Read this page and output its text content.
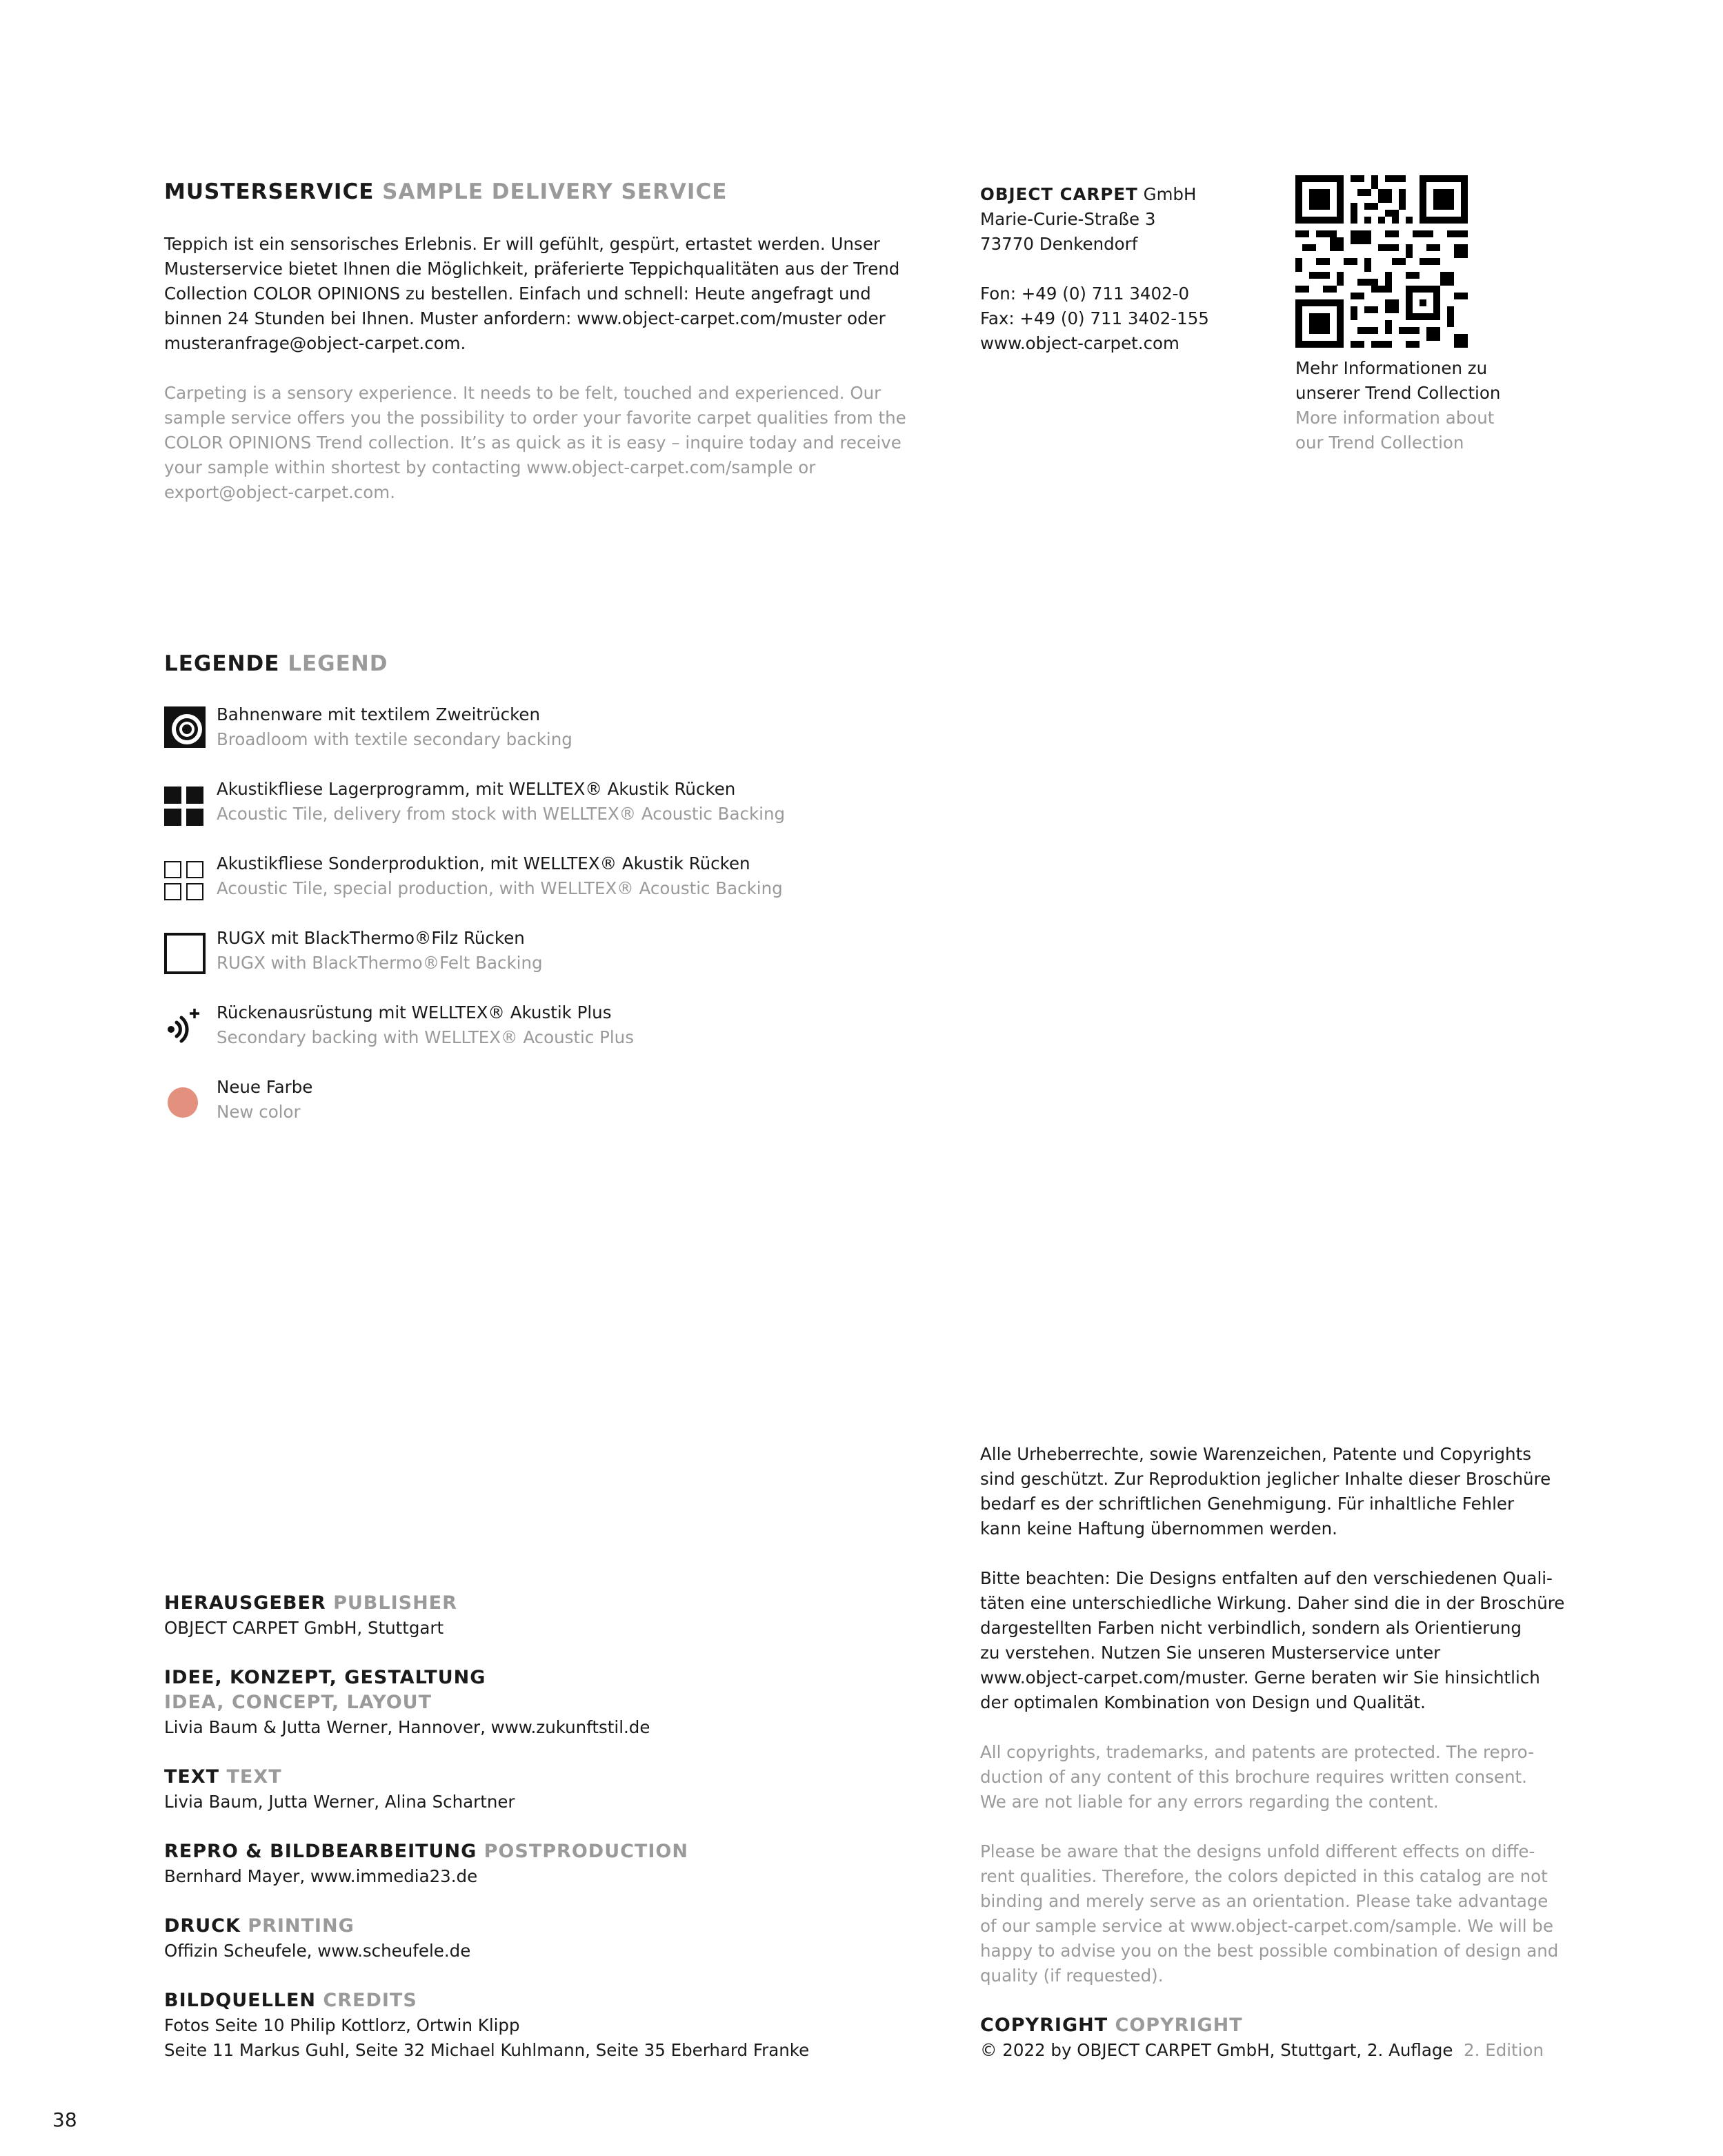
MUSTERSERVICE SAMPLE DELIVERY SERVICE
Teppich ist ein sensorisches Erlebnis. Er will gefühlt, gespürt, ertastet werden. Unser
Musterservice bietet Ihnen die Möglichkeit, präferierte Teppichqualitäten aus der Trend
Collection COLOR OPINIONS zu bestellen. Einfach und schnell: Heute angefragt und
binnen 24 Stunden bei Ihnen. Muster anfordern: www.object-carpet.com/muster oder
musteranfrage@object-carpet.com.
Carpeting is a sensory experience. It needs to be felt, touched and experienced. Our
sample service offers you the possibility to order your favorite carpet qualities from the
COLOR OPINIONS Trend collection. It’s as quick as it is easy – inquire today and receive
your sample within shortest by contacting www.object-carpet.com/sample or
export@object-carpet.com.
OBJECT CARPET GmbH
Marie-Curie-Straße 3
73770 Denkendorf
Fon: +49 (0) 711 3402-0
Fax: +49 (0) 711 3402-155
www.object-carpet.com
Mehr Informationen zu
unserer Trend Collection
More information about
our Trend Collection
LEGENDE LEGEND
Bahnenware mit textilem Zweitrücken
Broadloom with textile secondary backing
Akustikfliese Lagerprogramm, mit WELLTEX® Akustik Rücken
Acoustic Tile, delivery from stock with WELLTEX® Acoustic Backing
Akustikfliese Sonderproduktion, mit WELLTEX® Akustik Rücken
Acoustic Tile, special production, with WELLTEX® Acoustic Backing
RUGX mit BlackThermo®Filz Rücken
RUGX with BlackThermo®Felt Backing
Rückenausrüstung mit WELLTEX® Akustik Plus
Secondary backing with WELLTEX® Acoustic Plus
Neue Farbe
New color
HERAUSGEBER PUBLISHER
OBJECT CARPET GmbH, Stuttgart
IDEE, KONZEPT, GESTALTUNG
IDEA, CONCEPT, LAYOUT
Livia Baum & Jutta Werner, Hannover, www.zukunftstil.de
TEXT TEXT
Livia Baum, Jutta Werner, Alina Schartner
REPRO & BILDBEARBEITUNG POSTPRODUCTION
Bernhard Mayer, www.immedia23.de
DRUCK PRINTING
Offizin Scheufele, www.scheufele.de
BILDQUELLEN CREDITS
Fotos Seite 10 Philip Kottlorz, Ortwin Klipp
Seite 11 Markus Guhl, Seite 32 Michael Kuhlmann, Seite 35 Eberhard Franke
Alle Urheberrechte, sowie Warenzeichen, Patente und Copyrights
sind geschützt. Zur Reproduktion jeglicher Inhalte dieser Broschüre
bedarf es der schriftlichen Genehmigung. Für inhaltliche Fehler
kann keine Haftung übernommen werden.
Bitte beachten: Die Designs entfalten auf den verschiedenen Quali-
täten eine unterschiedliche Wirkung. Daher sind die in der Broschüre
dargestellten Farben nicht verbindlich, sondern als Orientierung
zu verstehen. Nutzen Sie unseren Musterservice unter
www.object-carpet.com/muster. Gerne beraten wir Sie hinsichtlich
der optimalen Kombination von Design und Qualität.
All copyrights, trademarks, and patents are protected. The repro-
duction of any content of this brochure requires written consent.
We are not liable for any errors regarding the content.
Please be aware that the designs unfold different effects on diffe-
rent qualities. Therefore, the colors depicted in this catalog are not
binding and merely serve as an orientation. Please take advantage
of our sample service at www.object-carpet.com/sample. We will be
happy to advise you on the best possible combination of design and
quality (if requested).
COPYRIGHT COPYRIGHT
© 2022 by OBJECT CARPET GmbH, Stuttgart, 2. Auflage 2. Edition
38
